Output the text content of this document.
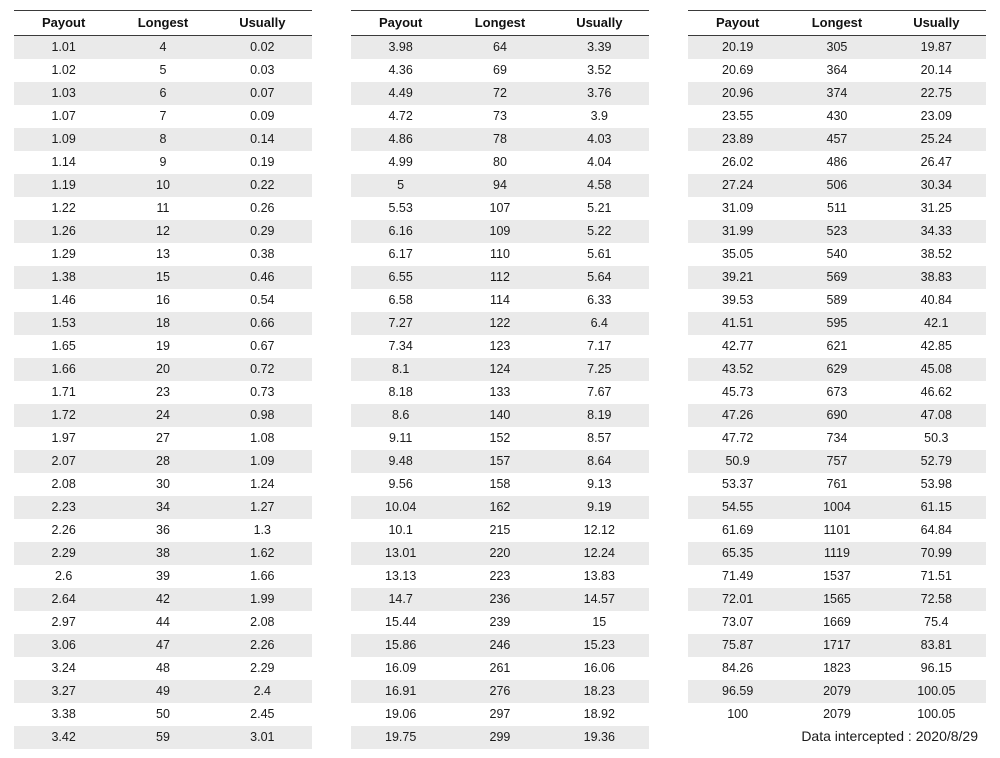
Payout	Longest	Usually
1.01	4	0.02
1.02	5	0.03
1.03	6	0.07
1.07	7	0.09
1.09	8	0.14
1.14	9	0.19
1.19	10	0.22
1.22	11	0.26
1.26	12	0.29
1.29	13	0.38
1.38	15	0.46
1.46	16	0.54
1.53	18	0.66
1.65	19	0.67
1.66	20	0.72
1.71	23	0.73
1.72	24	0.98
1.97	27	1.08
2.07	28	1.09
2.08	30	1.24
2.23	34	1.27
2.26	36	1.3
2.29	38	1.62
2.6	39	1.66
2.64	42	1.99
2.97	44	2.08
3.06	47	2.26
3.24	48	2.29
3.27	49	2.4
3.38	50	2.45
3.42	59	3.01
Payout	Longest	Usually
3.98	64	3.39
4.36	69	3.52
4.49	72	3.76
4.72	73	3.9
4.86	78	4.03
4.99	80	4.04
5	94	4.58
5.53	107	5.21
6.16	109	5.22
6.17	110	5.61
6.55	112	5.64
6.58	114	6.33
7.27	122	6.4
7.34	123	7.17
8.1	124	7.25
8.18	133	7.67
8.6	140	8.19
9.11	152	8.57
9.48	157	8.64
9.56	158	9.13
10.04	162	9.19
10.1	215	12.12
13.01	220	12.24
13.13	223	13.83
14.7	236	14.57
15.44	239	15
15.86	246	15.23
16.09	261	16.06
16.91	276	18.23
19.06	297	18.92
19.75	299	19.36
Payout	Longest	Usually
20.19	305	19.87
20.69	364	20.14
20.96	374	22.75
23.55	430	23.09
23.89	457	25.24
26.02	486	26.47
27.24	506	30.34
31.09	511	31.25
31.99	523	34.33
35.05	540	38.52
39.21	569	38.83
39.53	589	40.84
41.51	595	42.1
42.77	621	42.85
43.52	629	45.08
45.73	673	46.62
47.26	690	47.08
47.72	734	50.3
50.9	757	52.79
53.37	761	53.98
54.55	1004	61.15
61.69	1101	64.84
65.35	1119	70.99
71.49	1537	71.51
72.01	1565	72.58
73.07	1669	75.4
75.87	1717	83.81
84.26	1823	96.15
96.59	2079	100.05
100	2079	100.05
Data intercepted : 2020/8/29
